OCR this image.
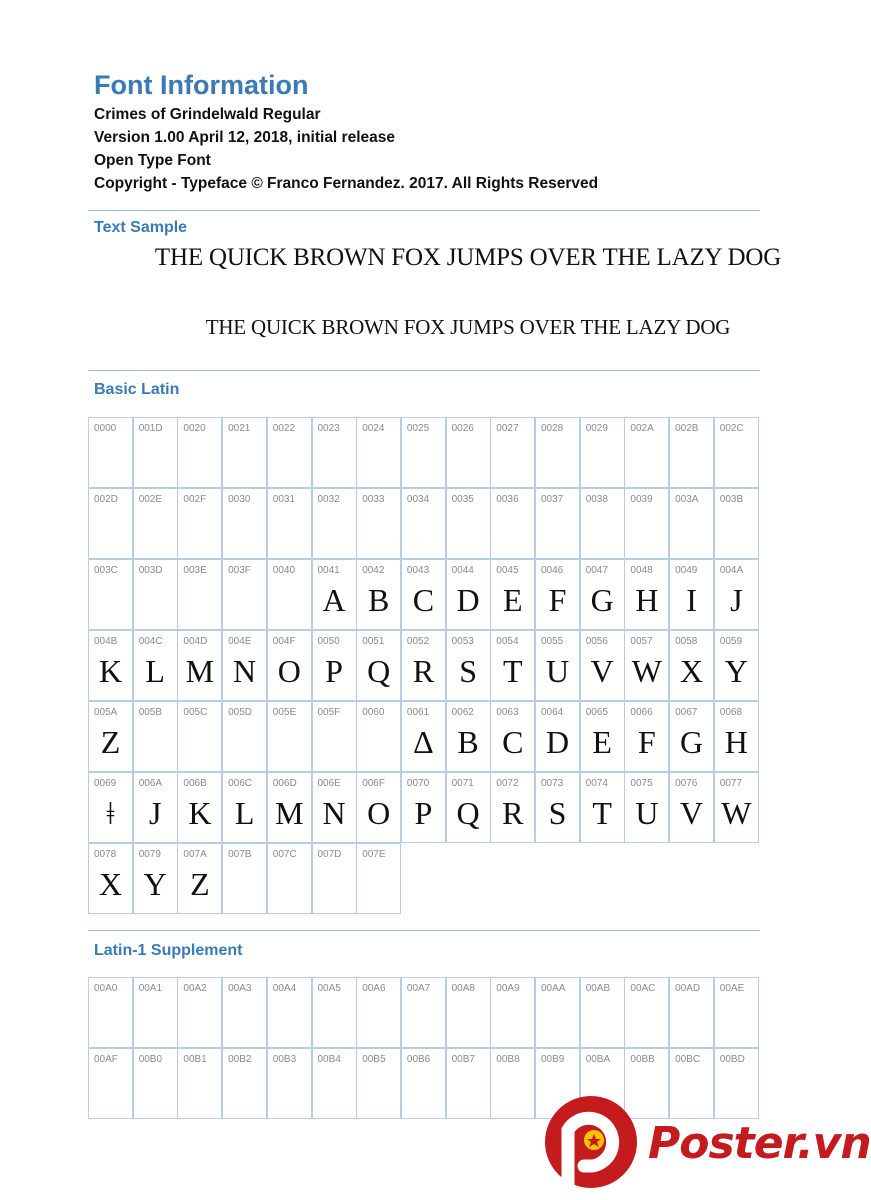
Font Information
Crimes of Grindelwald Regular
Version 1.00 April 12, 2018, initial release
Open Type Font
Copyright - Typeface © Franco Fernandez. 2017. All Rights Reserved
Text Sample
THE QUICK BROWN FOX JUMPS OVER THE LAZY DOG
THE QUICK BROWN FOX JUMPS OVER THE LAZY DOG
Basic Latin
0000 001D 0020 0021 0022 0023 0024 0025 0026 0027 0028 0029 002A 002B 002C
002D 002E 002F 0030 0031 0032 0033 0034 0035 0036 0037 0038 0039 003A 003B
003C 003D 003E 003F 0040 0041
A
0042
B
0043
C
0044
D
0045
E
0046
F
0047
G
0048
H
0049
I
004A
J
004B
K
004C
L
004D
M
004E
N
004F
O
0050
P
0051
Q
0052
R
0053
S
0054
T
0055
U
0056
V
0057
W
0058
X
0059
Y
005A
Z
005B 005C 005D 005E 005F 0060 0061
Δ
0062
B
0063
C
0064
D
0065
E
0066
F
0067
G
0068
H
0069
ǂ
006A
J
006B
K
006C
L
006D
M
006E
N
006F
O
0070
P
0071
Q
0072
R
0073
S
0074
T
0075
U
0076
V
0077
W
0078
X
0079
Y
007A
Z
007B 007C 007D 007E
Latin-1 Supplement
00A0 00A1 00A2 00A3 00A4 00A5 00A6 00A7 00A8 00A9 00AA 00AB 00AC 00AD 00AE
00AF 00B0 00B1 00B2 00B3 00B4 00B5 00B6 00B7 00B8 00B9 00BA 00BB 00BC 00BD
Poster.vn
